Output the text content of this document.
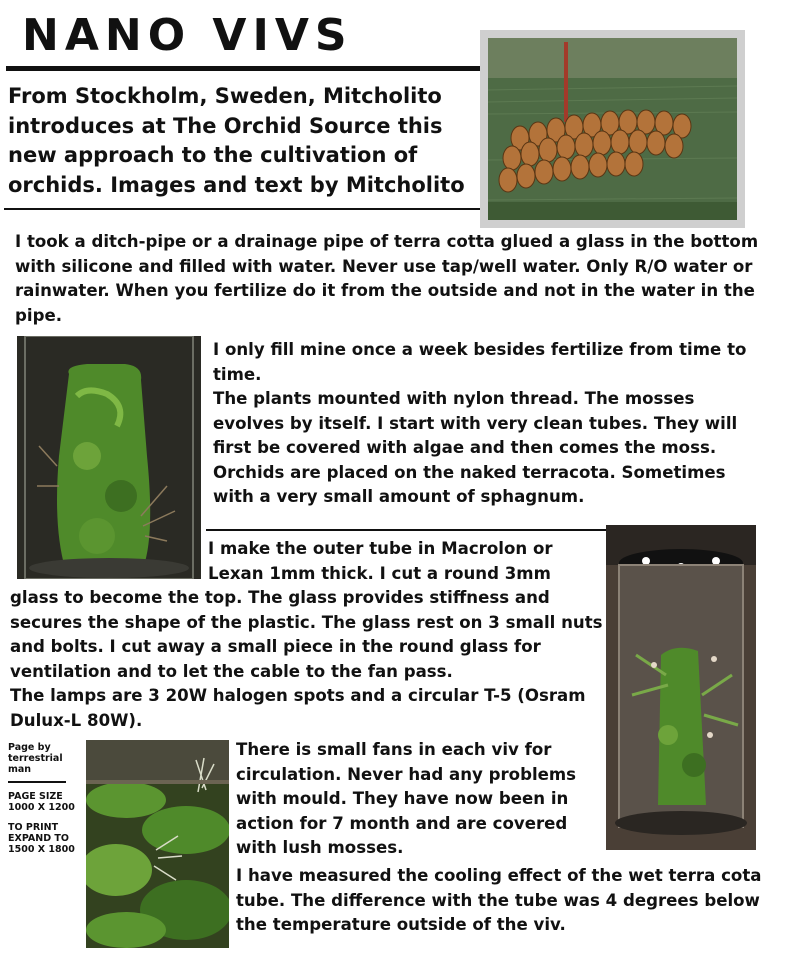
NANO VIVS
From Stockholm, Sweden, Mitcholito introduces at The Orchid Source this new approach to the cultivation of orchids. Images and text by Mitcholito
I took a ditch-pipe or a drainage pipe of terra cotta glued a glass in the bottom with silicone and filled with water. Never use tap/well water. Only R/O water or rainwater. When you fertilize do it from the outside and not in the water in the pipe.
I only fill mine once a week besides fertilize from time to time.
The plants mounted with nylon thread. The mosses evolves by itself. I start with very clean tubes. They will first be covered with algae and then comes the moss. Orchids are placed on the naked terracota. Sometimes with a very small amount of sphagnum.
I make the outer tube in Macrolon or Lexan 1mm thick. I cut a round 3mm
glass to become the top. The glass provides stiffness and secures the shape of the plastic. The glass rest on 3 small nuts and bolts. I cut away a small piece in the round glass for ventilation and to let the cable to the fan pass.
The lamps are 3 20W halogen spots and a circular T-5 (Osram Dulux-L 80W).
Page by terrestrial man
PAGE SIZE 1000 X 1200
TO PRINT EXPAND TO 1500 X 1800
There is small fans in each viv for circulation. Never had any problems with mould. They have now been in action for 7 month and are covered with lush mosses.
I have measured the cooling effect of the wet terra cota tube. The difference with the tube was 4 degrees below the temperature outside of the viv.
